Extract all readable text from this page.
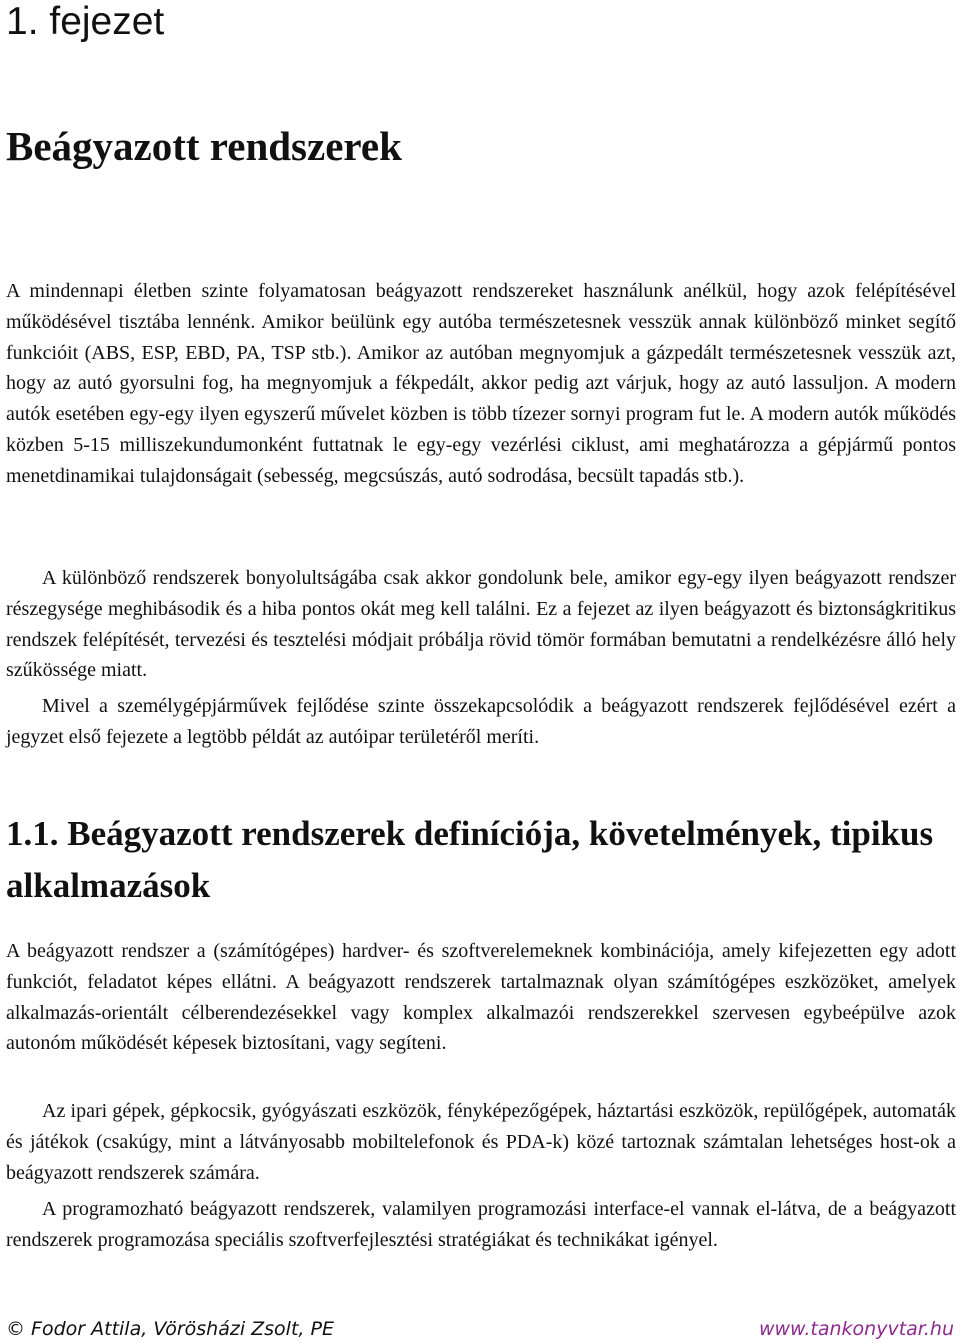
1. fejezet
Beágyazott rendszerek

A mindennapi életben szinte folyamatosan beágyazott rendszereket használunk anélkül, hogy azok felépítésével működésével tisztába lennénk. Amikor beülünk egy autóba természetesnek vesszük annak különböző minket segítő funkcióit (ABS, ESP, EBD, PA, TSP stb.). Amikor az autóban megnyomjuk a gázpedált természetesnek vesszük azt, hogy az autó gyorsulni fog, ha megnyomjuk a fékpedált, akkor pedig azt várjuk, hogy az autó lassuljon. A modern autók esetében egy-egy ilyen egyszerű művelet közben is több tízezer sornyi program fut le. A modern autók működés közben 5-15 milliszekundumonként futtatnak le egy-egy vezérlési ciklust, ami meghatározza a gépjármű pontos menetdinamikai tulajdonságait (sebesség, megcsúszás, autó sodrodása, becsült tapadás stb.).

A különböző rendszerek bonyolultságába csak akkor gondolunk bele, amikor egy-egy ilyen beágyazott rendszer részegysége meghibásodik és a hiba pontos okát meg kell találni. Ez a fejezet az ilyen beágyazott és biztonságkritikus rendszek felépítését, tervezési és tesztelési módjait próbálja rövid tömör formában bemutatni a rendelkézésre álló hely szűkössége miatt.

Mivel a személygépjárművek fejlődése szinte összekapcsolódik a beágyazott rendszerek fejlődésével ezért a jegyzet első fejezete a legtöbb példát az autóipar területéről meríti.

1.1. Beágyazott rendszerek definíciója, követelmények, tipikus alkalmazások

A beágyazott rendszer a (számítógépes) hardver- és szoftverelemeknek kombinációja, amely kifejezetten egy adott funkciót, feladatot képes ellátni. A beágyazott rendszerek tartalmaznak olyan számítógépes eszközöket, amelyek alkalmazás-orientált célberendezésekkel vagy komplex alkalmazói rendszerekkel szervesen egybeépülve azok autonóm működését képesek biztosítani, vagy segíteni.

Az ipari gépek, gépkocsik, gyógyászati eszközök, fényképezőgépek, háztartási eszközök, repülőgépek, automaták és játékok (csakúgy, mint a látványosabb mobiltelefonok és PDA-k) közé tartoznak számtalan lehetséges host-ok a beágyazott rendszerek számára.

A programozható beágyazott rendszerek, valamilyen programozási interface-el vannak el-látva, de a beágyazott rendszerek programozása speciális szoftverfejlesztési stratégiákat és technikákat igényel.

© Fodor Attila, Vörösházi Zsolt, PE	www.tankonyvtar.hu
